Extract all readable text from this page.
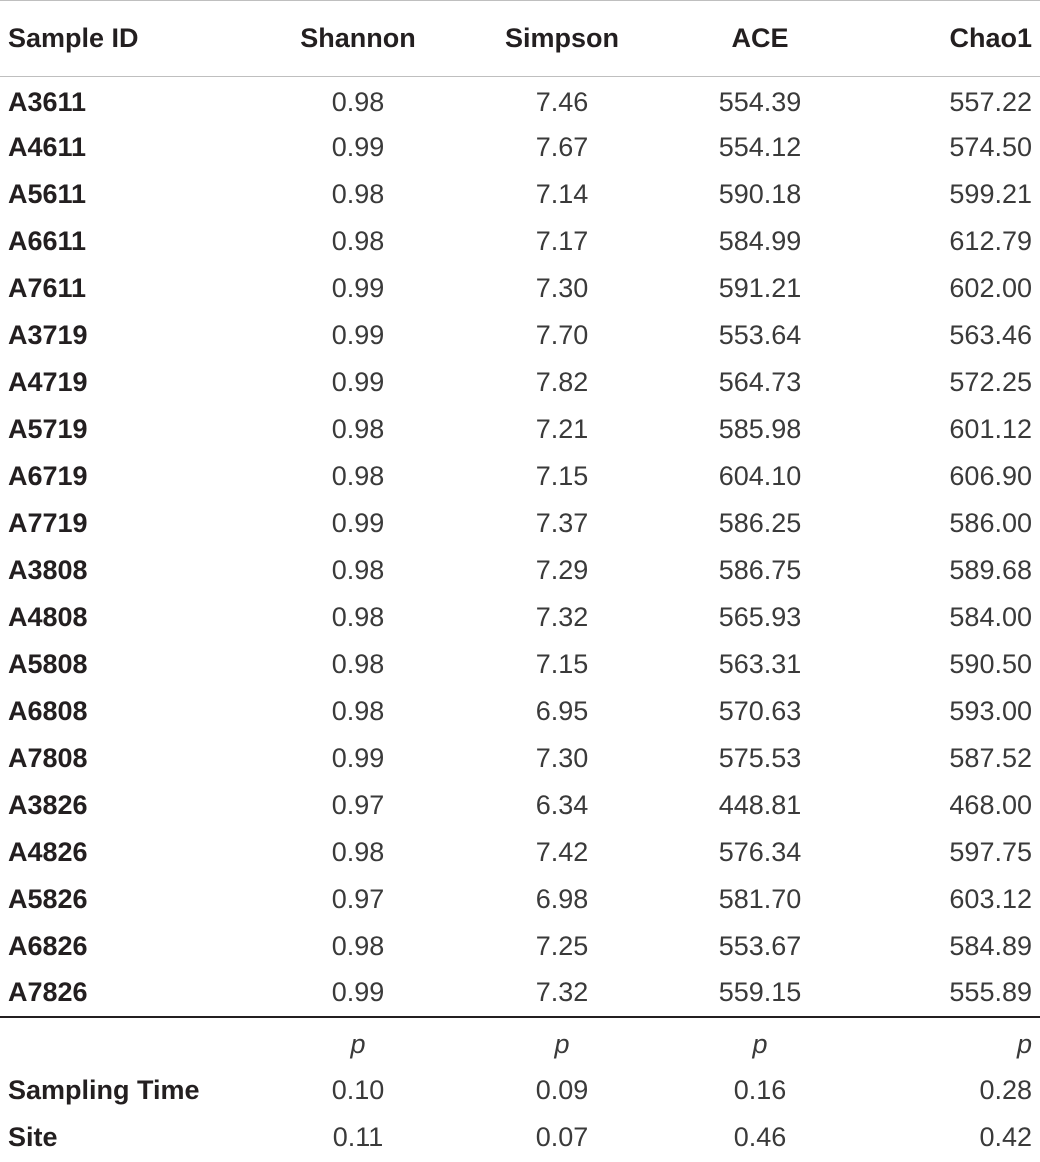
Sample ID	Shannon	Simpson	ACE	Chao1
A3611	0.98	7.46	554.39	557.22
A4611	0.99	7.67	554.12	574.50
A5611	0.98	7.14	590.18	599.21
A6611	0.98	7.17	584.99	612.79
A7611	0.99	7.30	591.21	602.00
A3719	0.99	7.70	553.64	563.46
A4719	0.99	7.82	564.73	572.25
A5719	0.98	7.21	585.98	601.12
A6719	0.98	7.15	604.10	606.90
A7719	0.99	7.37	586.25	586.00
A3808	0.98	7.29	586.75	589.68
A4808	0.98	7.32	565.93	584.00
A5808	0.98	7.15	563.31	590.50
A6808	0.98	6.95	570.63	593.00
A7808	0.99	7.30	575.53	587.52
A3826	0.97	6.34	448.81	468.00
A4826	0.98	7.42	576.34	597.75
A5826	0.97	6.98	581.70	603.12
A6826	0.98	7.25	553.67	584.89
A7826	0.99	7.32	559.15	555.89
	p	p	p	p
Sampling Time	0.10	0.09	0.16	0.28
Site	0.11	0.07	0.46	0.42
